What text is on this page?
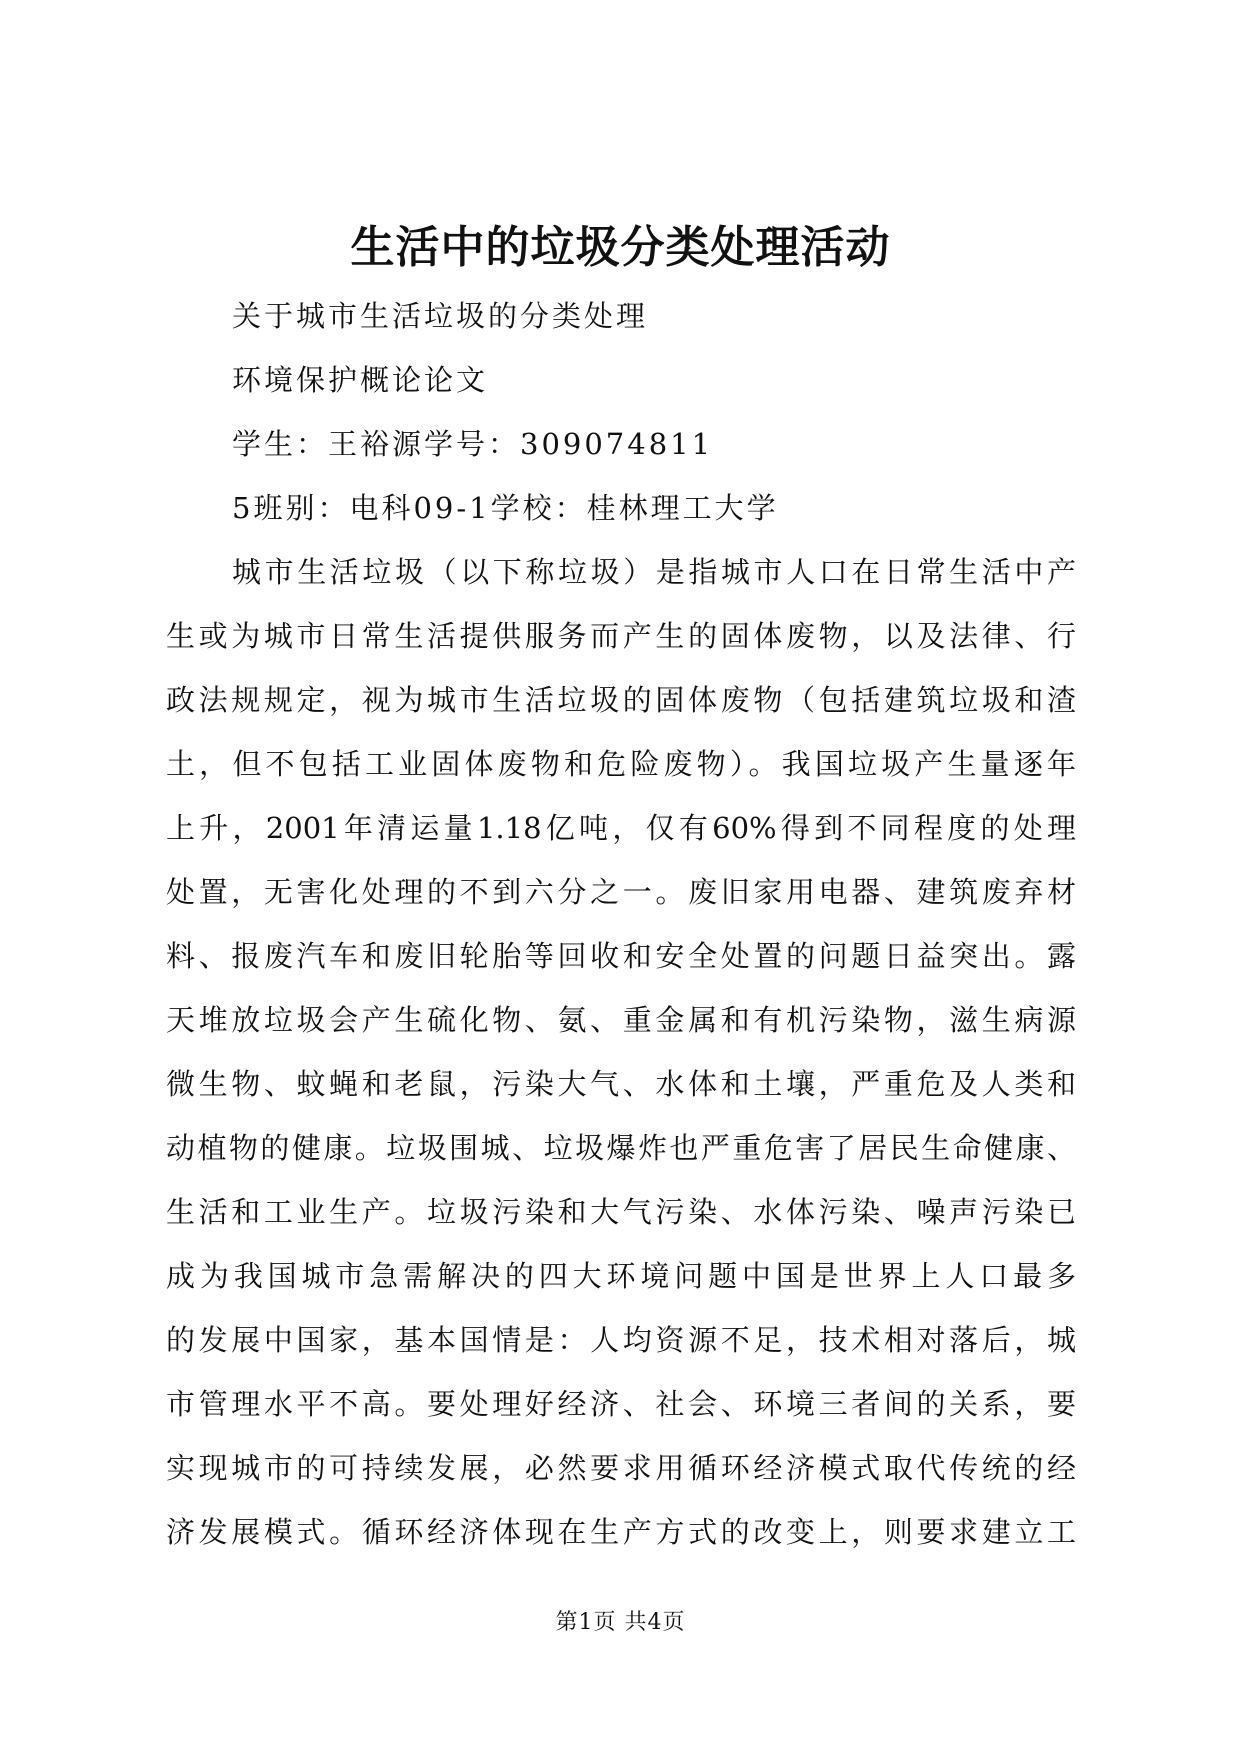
生活中的垃圾分类处理活动
关于城市生活垃圾的分类处理
环境保护概论论文
学生：王裕源学号：309074811
5班别：电科09-1学校：桂林理工大学
城市生活垃圾（以下称垃圾）是指城市人口在日常生活中产
生或为城市日常生活提供服务而产生的固体废物，以及法律、行
政法规规定，视为城市生活垃圾的固体废物（包括建筑垃圾和渣
土，但不包括工业固体废物和危险废物）。我国垃圾产生量逐年
上升，2001年清运量1.18亿吨，仅有60%得到不同程度的处理
处置，无害化处理的不到六分之一。废旧家用电器、建筑废弃材
料、报废汽车和废旧轮胎等回收和安全处置的问题日益突出。露
天堆放垃圾会产生硫化物、氨、重金属和有机污染物，滋生病源
微生物、蚊蝇和老鼠，污染大气、水体和土壤，严重危及人类和
动植物的健康。垃圾围城、垃圾爆炸也严重危害了居民生命健康、
生活和工业生产。垃圾污染和大气污染、水体污染、噪声污染已
成为我国城市急需解决的四大环境问题中国是世界上人口最多
的发展中国家，基本国情是：人均资源不足，技术相对落后，城
市管理水平不高。要处理好经济、社会、环境三者间的关系，要
实现城市的可持续发展，必然要求用循环经济模式取代传统的经
济发展模式。循环经济体现在生产方式的改变上，则要求建立工
第1页 共4页
